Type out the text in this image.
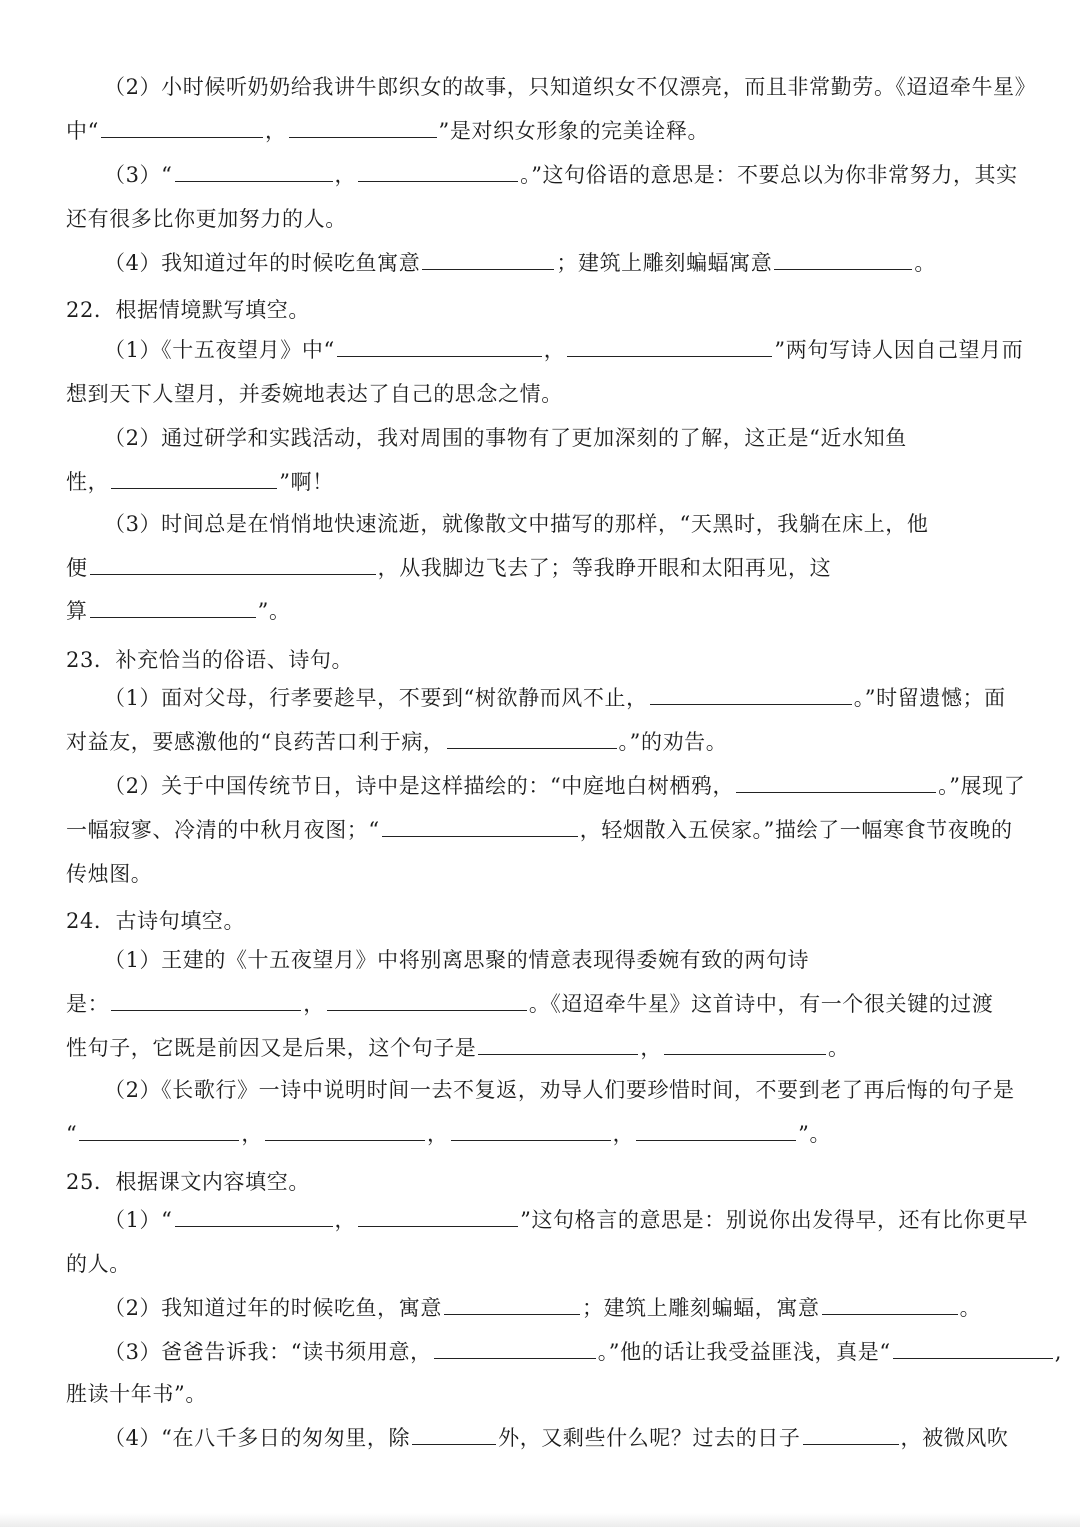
（2）小时候听奶奶给我讲牛郎织女的故事，只知道织女不仅漂亮，而且非常勤劳。《迢迢牵牛星》
中“	，	”是对织女形象的完美诠释。
（3）“	，	。”这句俗语的意思是：不要总以为你非常努力，其实
还有很多比你更加努力的人。
（4）我知道过年的时候吃鱼寓意	；建筑上雕刻蝙蝠寓意	。
22．根据情境默写填空。
（1）《十五夜望月》中“	，	”两句写诗人因自己望月而
想到天下人望月，并委婉地表达了自己的思念之情。
（2）通过研学和实践活动，我对周围的事物有了更加深刻的了解，这正是“近水知鱼
性，	”啊！
（3）时间总是在悄悄地快速流逝，就像散文中描写的那样，“天黑时，我躺在床上，他
便	，从我脚边飞去了；等我睁开眼和太阳再见，这
算	”。
23．补充恰当的俗语、诗句。
（1）面对父母，行孝要趁早，不要到“树欲静而风不止，	。”时留遗憾；面
对益友，要感激他的“良药苦口利于病，	。”的劝告。
（2）关于中国传统节日，诗中是这样描绘的：“中庭地白树栖鸦，	。”展现了
一幅寂寥、冷清的中秋月夜图；“	，轻烟散入五侯家。”描绘了一幅寒食节夜晚的
传烛图。
24．古诗句填空。
（1）王建的《十五夜望月》中将别离思聚的情意表现得委婉有致的两句诗
是：	，	。《迢迢牵牛星》这首诗中，有一个很关键的过渡
性句子，它既是前因又是后果，这个句子是	，	。
（2）《长歌行》一诗中说明时间一去不复返，劝导人们要珍惜时间，不要到老了再后悔的句子是
“	，	，	，	”。
25．根据课文内容填空。
（1）“	，	”这句格言的意思是：别说你出发得早，还有比你更早
的人。
（2）我知道过年的时候吃鱼，寓意	；建筑上雕刻蝙蝠，寓意	。
（3）爸爸告诉我：“读书须用意，	。”他的话让我受益匪浅，真是“	,
胜读十年书”。
（4）“在八千多日的匆匆里，除	外，又剩些什么呢？过去的日子	，被微风吹
